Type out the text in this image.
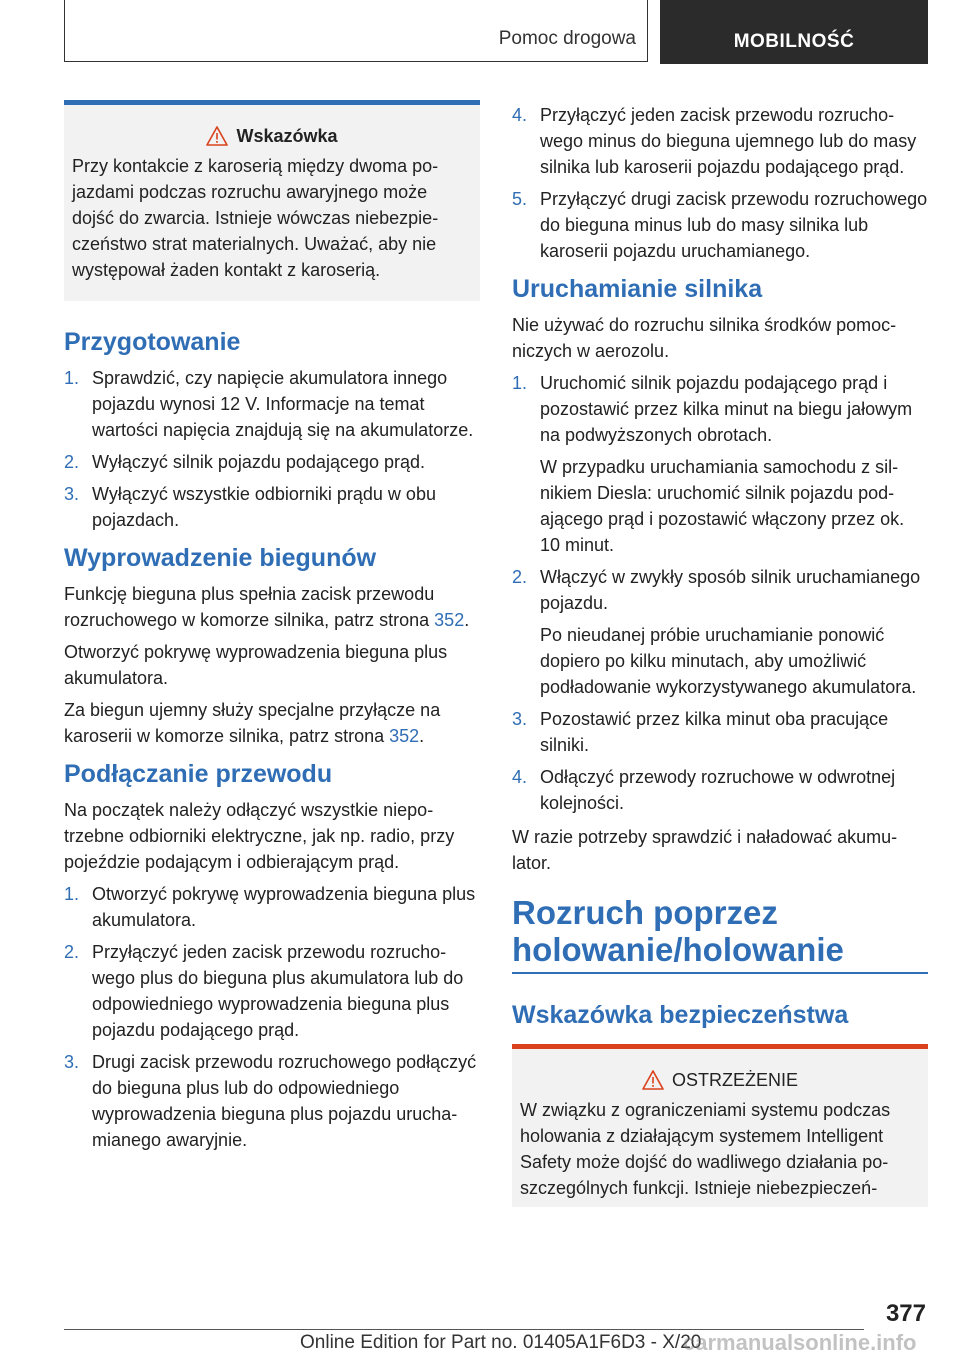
Pomoc drogowa	MOBILNOŚĆ
Wskazówka

Przy kontakcie z karoserią między dwoma pojazdami podczas rozruchu awaryjnego może dojść do zwarcia. Istnieje wówczas niebezpieczeństwo strat materialnych. Uważać, aby nie występował żaden kontakt z karoserią.

Przygotowanie
1. Sprawdzić, czy napięcie akumulatora innego pojazdu wynosi 12 V. Informacje na temat wartości napięcia znajdują się na akumulatorze.
2. Wyłączyć silnik pojazdu podającego prąd.
3. Wyłączyć wszystkie odbiorniki prądu w obu pojazdach.
Wyprowadzenie biegunów

Funkcję bieguna plus spełnia zacisk przewodu rozruchowego w komorze silnika, patrz strona 352.

Otworzyć pokrywę wyprowadzenia bieguna plus akumulatora.

Za biegun ujemny służy specjalne przyłącze na karoserii w komorze silnika, patrz strona 352.

Podłączanie przewodu

Na początek należy odłączyć wszystkie niepotrzebne odbiorniki elektryczne, jak np. radio, przy pojeździe podającym i odbierającym prąd.

1. Otworzyć pokrywę wyprowadzenia bieguna plus akumulatora.
2. Przyłączyć jeden zacisk przewodu rozruchowego plus do bieguna plus akumulatora lub do odpowiedniego wyprowadzenia bieguna plus pojazdu podającego prąd.
3. Drugi zacisk przewodu rozruchowego podłączyć do bieguna plus lub do odpowiedniego wyprowadzenia bieguna plus pojazdu uruchamianego awaryjnie.
4. Przyłączyć jeden zacisk przewodu rozruchowego minus do bieguna ujemnego lub do masy silnika lub karoserii pojazdu podającego prąd.
5. Przyłączyć drugi zacisk przewodu rozruchowego do bieguna minus lub do masy silnika lub karoserii pojazdu uruchamianego.
Uruchamianie silnika

Nie używać do rozruchu silnika środków pomocniczych w aerozolu.

1. Uruchomić silnik pojazdu podającego prąd i pozostawić przez kilka minut na biegu jałowym na podwyższonych obrotach.
W przypadku uruchamiania samochodu z silnikiem Diesla: uruchomić silnik pojazdu podającego prąd i pozostawić włączony przez ok. 10 minut.
2. Włączyć w zwykły sposób silnik uruchamianego pojazdu.
Po nieudanej próbie uruchamianie ponowić dopiero po kilku minutach, aby umożliwić podładowanie wykorzystywanego akumulatora.
3. Pozostawić przez kilka minut oba pracujące silniki.
4. Odłączyć przewody rozruchowe w odwrotnej kolejności.

W razie potrzeby sprawdzić i naładować akumulator.

Rozruch poprzez holowanie/holowanie
Wskazówka bezpieczeństwa
OSTRZEŻENIE

W związku z ograniczeniami systemu podczas holowania z działającym systemem Intelligent Safety może dojść do wadliwego działania poszczególnych funkcji. Istnieje niebezpieczeń-

377
Online Edition for Part no. 01405A1F6D3 - X/20
carmanualsonline.info
